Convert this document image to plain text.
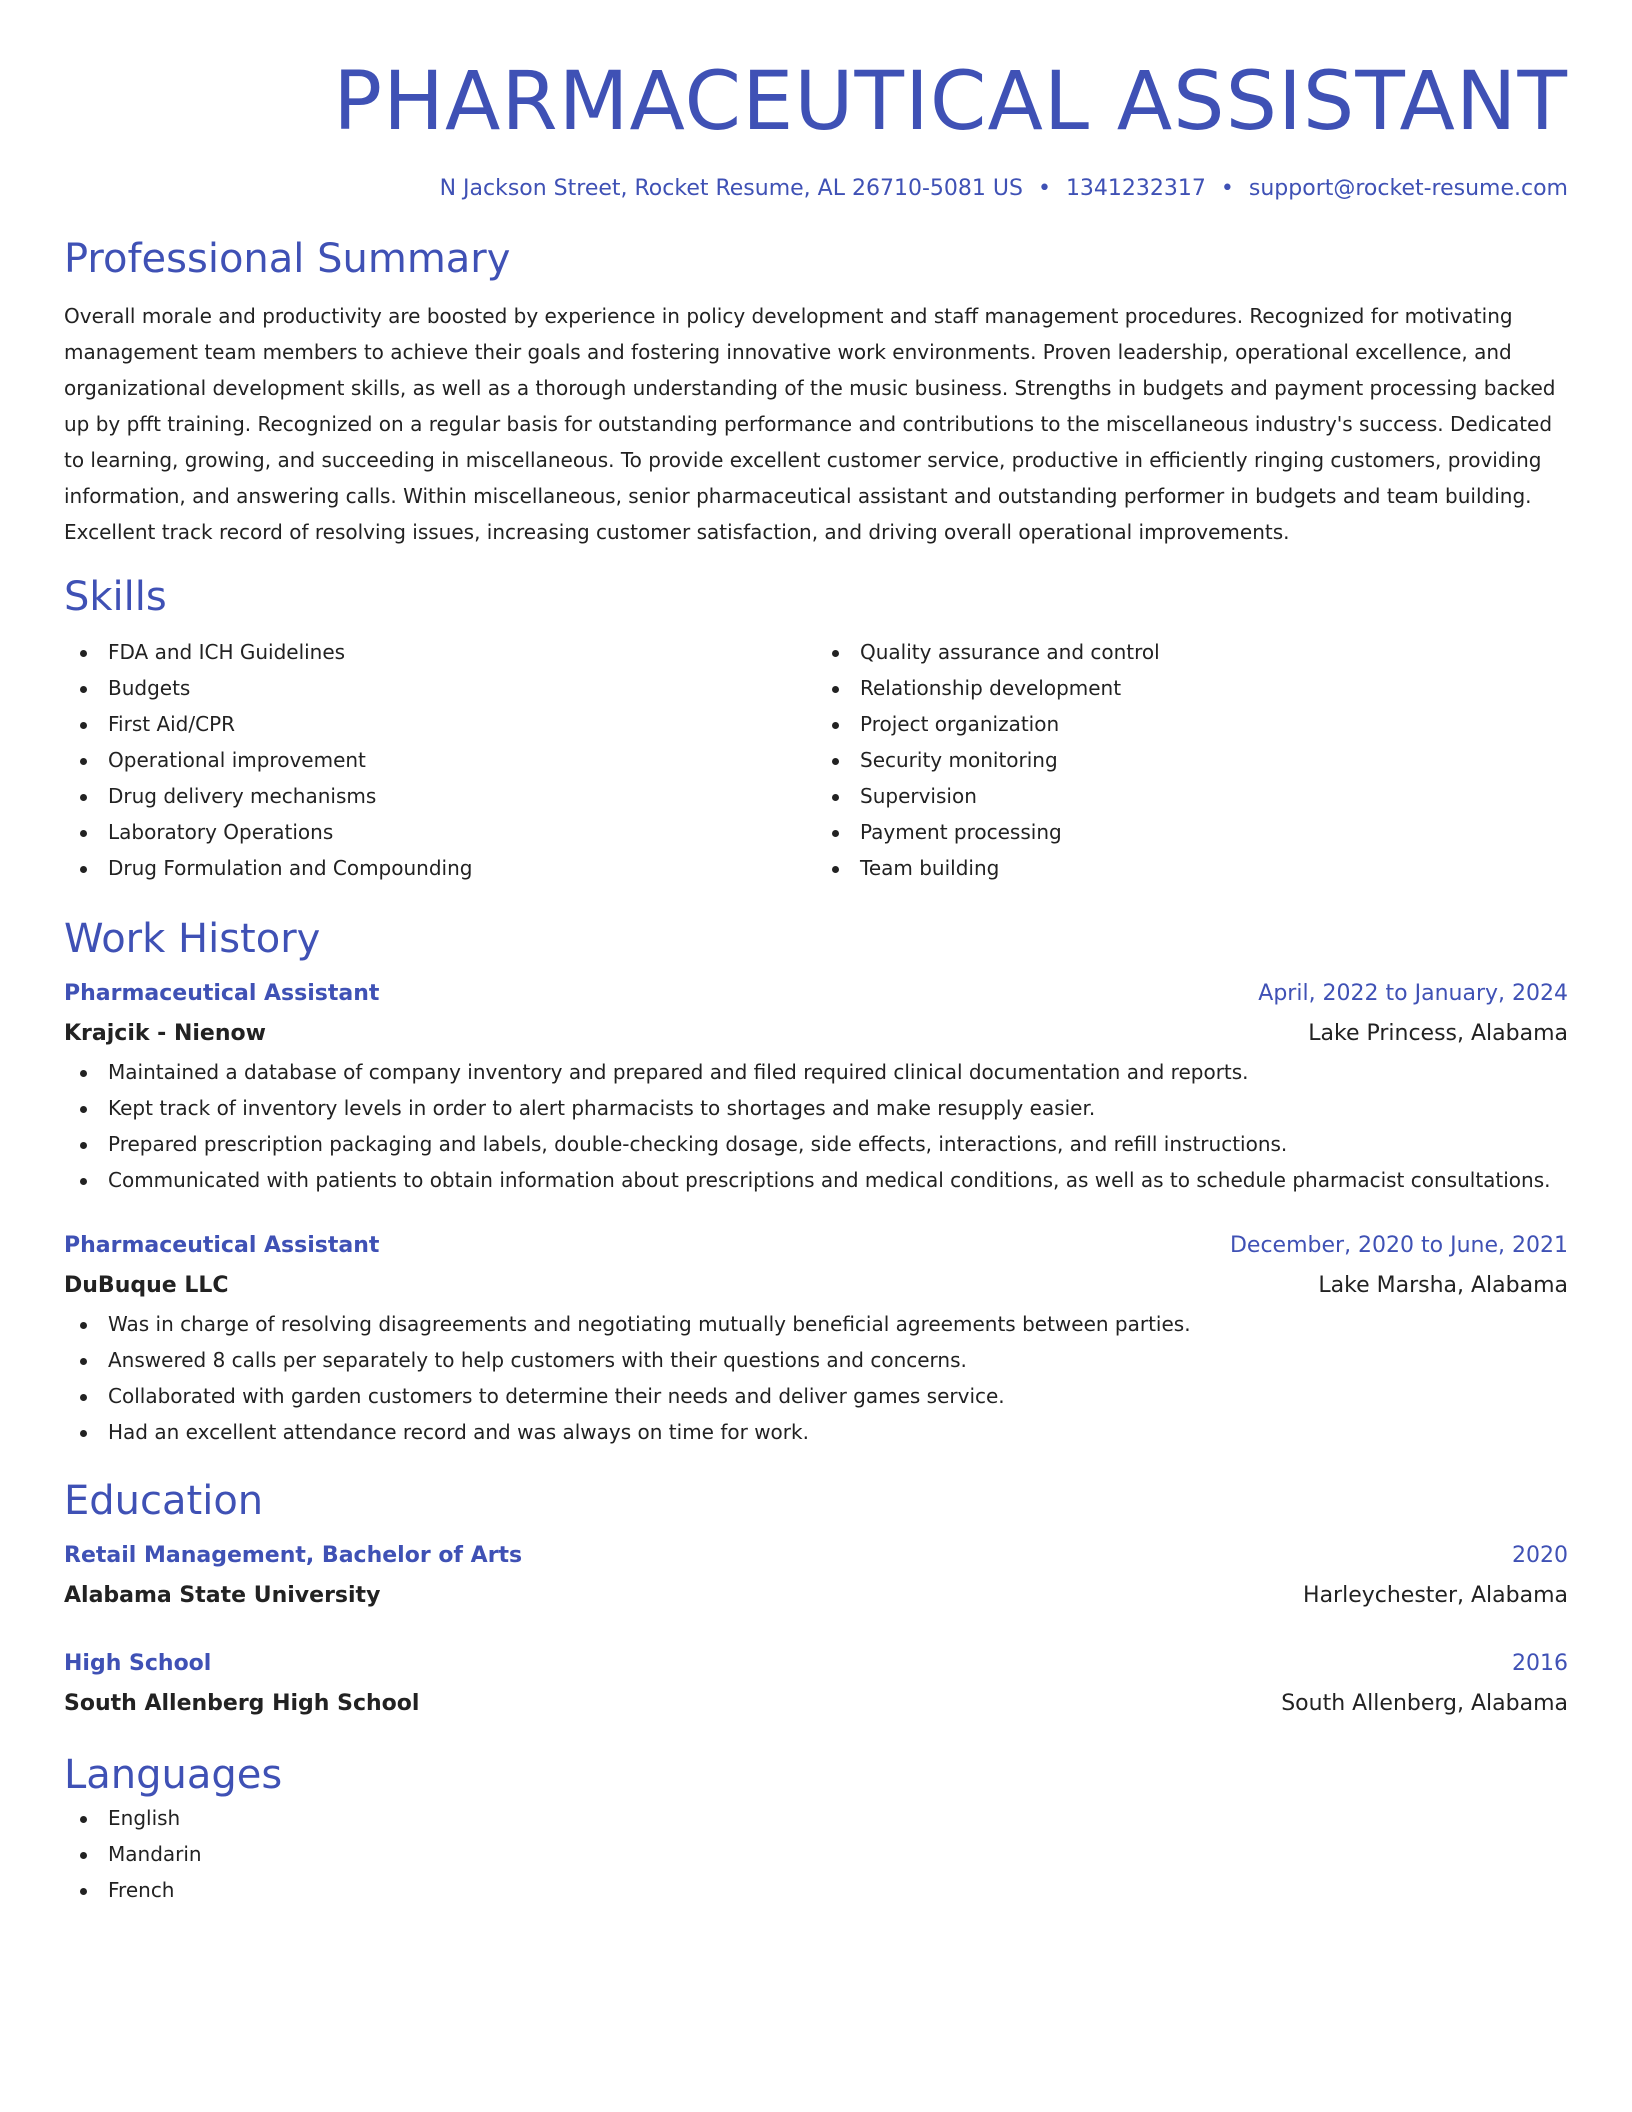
PHARMACEUTICAL ASSISTANT
N Jackson Street, Rocket Resume, AL 26710-5081 US • 1341232317 • support@rocket-resume.com
Professional Summary
Overall morale and productivity are boosted by experience in policy development and staff management procedures. Recognized for motivating management team members to achieve their goals and fostering innovative work environments. Proven leadership, operational excellence, and organizational development skills, as well as a thorough understanding of the music business. Strengths in budgets and payment processing backed up by pfft training. Recognized on a regular basis for outstanding performance and contributions to the miscellaneous industry's success. Dedicated to learning, growing, and succeeding in miscellaneous. To provide excellent customer service, productive in efficiently ringing customers, providing information, and answering calls. Within miscellaneous, senior pharmaceutical assistant and outstanding performer in budgets and team building. Excellent track record of resolving issues, increasing customer satisfaction, and driving overall operational improvements.
Skills
FDA and ICH Guidelines
Budgets
First Aid/CPR
Operational improvement
Drug delivery mechanisms
Laboratory Operations
Drug Formulation and Compounding
Quality assurance and control
Relationship development
Project organization
Security monitoring
Supervision
Payment processing
Team building
Work History
Pharmaceutical Assistant	April, 2022 to January, 2024
Krajcik - Nienow	Lake Princess, Alabama
Maintained a database of company inventory and prepared and filed required clinical documentation and reports.
Kept track of inventory levels in order to alert pharmacists to shortages and make resupply easier.
Prepared prescription packaging and labels, double-checking dosage, side effects, interactions, and refill instructions.
Communicated with patients to obtain information about prescriptions and medical conditions, as well as to schedule pharmacist consultations.
Pharmaceutical Assistant	December, 2020 to June, 2021
DuBuque LLC	Lake Marsha, Alabama
Was in charge of resolving disagreements and negotiating mutually beneficial agreements between parties.
Answered 8 calls per separately to help customers with their questions and concerns.
Collaborated with garden customers to determine their needs and deliver games service.
Had an excellent attendance record and was always on time for work.
Education
Retail Management, Bachelor of Arts	2020
Alabama State University	Harleychester, Alabama
High School	2016
South Allenberg High School	South Allenberg, Alabama
Languages
English
Mandarin
French
